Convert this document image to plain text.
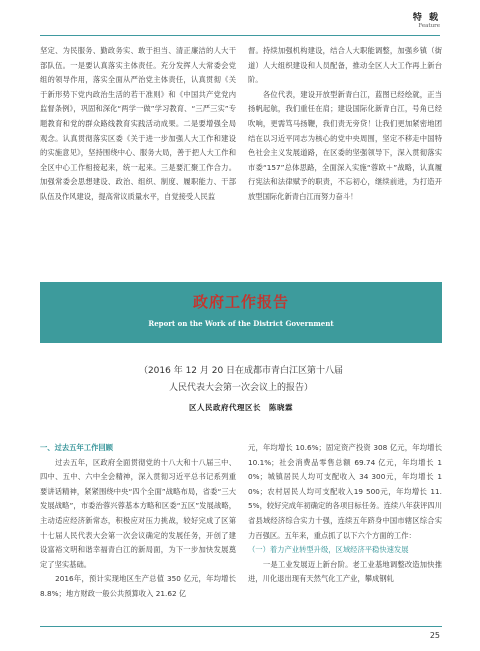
特 载
Feature
坚定、为民服务、勤政务实、敢于担当、清正廉洁的人大干部队伍。一是要认真落实主体责任。充分发挥人大常委会党组的领导作用，落实全面从严治党主体责任，认真贯彻《关于新形势下党内政治生活的若干准则》和《中国共产党党内监督条例》，巩固和深化“两学一做”学习教育、“三严三实”专题教育和党的群众路线教育实践活动成果。二是要增强全局观念。认真贯彻落实区委《关于进一步加强人大工作和建设的实施意见》，坚持围绕中心、服务大局，善于把人大工作和全区中心工作相接起来，统一起来。三是要汇聚工作合力。加强常委会思想建设、政治、组织、制度、履职能力、干部队伍及作风建设，提高常议质量水平，自觉接受人民监
督。持续加强机构建设，结合人大职能调整，加强乡镇（街道）人大组织建设和人员配备，推动全区人大工作再上新台阶。
　　各位代表，建设开放型新青白江，蓝图已经绘就，正当扬帆起航，我们重任在肩；建设国际化新青白江，号角已经吹响，更需笃马扬鞭，我们责无旁贷！让我们更加紧密地团结在以习近平同志为核心的党中央周围，坚定不移走中国特色社会主义发展道路，在区委的坚强领导下，深入贯彻落实市委“157”总体思路，全面深入实施“蓉欧＋”战略，认真履行宪法和法律赋予的职责，不忘初心，继续前进，为打造开放型国际化新青白江而努力奋斗！
政府工作报告
Report on the Work of the District Government
（2016 年 12 月 20 日在成都市青白江区第十八届
人民代表大会第一次会议上的报告）
区人民政府代理区长　陈晓霖
一、过去五年工作回顾
　　过去五年，区政府全面贯彻党的十八大和十八届三中、四中、五中、六中全会精神，深入贯彻习近平总书记系列重要讲话精神，紧紧围绕中央“四个全面”战略布局，省委“三大发展战略”，市委治蓉兴蓉基本方略和区委“五区”发展战略，主动适应经济新常态，积极应对压力挑战，较好完成了区第十七届人民代表大会第一次会议确定的发展任务，开创了建设富裕文明和谐幸福青白江的新局面，为下一步加快发展奠定了坚实基础。
　　2016年，预计实现地区生产总值 350 亿元，年均增长 8.8%；地方财政一般公共预算收入 21.62 亿
元，年均增长 10.6%；固定资产投资 308 亿元，年均增长 10.1%；社会消费品零售总额 69.74 亿元，年均增长 10%；城镇居民人均可支配收入 34 300元，年均增长 10%；农村居民人均可支配收入19 500元，年均增长 11.5%，较好完成年初确定的各项目标任务。连续八年获评四川省县域经济综合实力十强，连续五年跻身中国市辖区综合实力百强区。五年来，重点抓了以下六个方面的工作：
（一）着力产业转型升级，区域经济平稳快速发展
　　一是工业发展迈上新台阶。老工业基地调整改造加快推进，川化退出现有天然气化工产业，攀成钢轧
25
